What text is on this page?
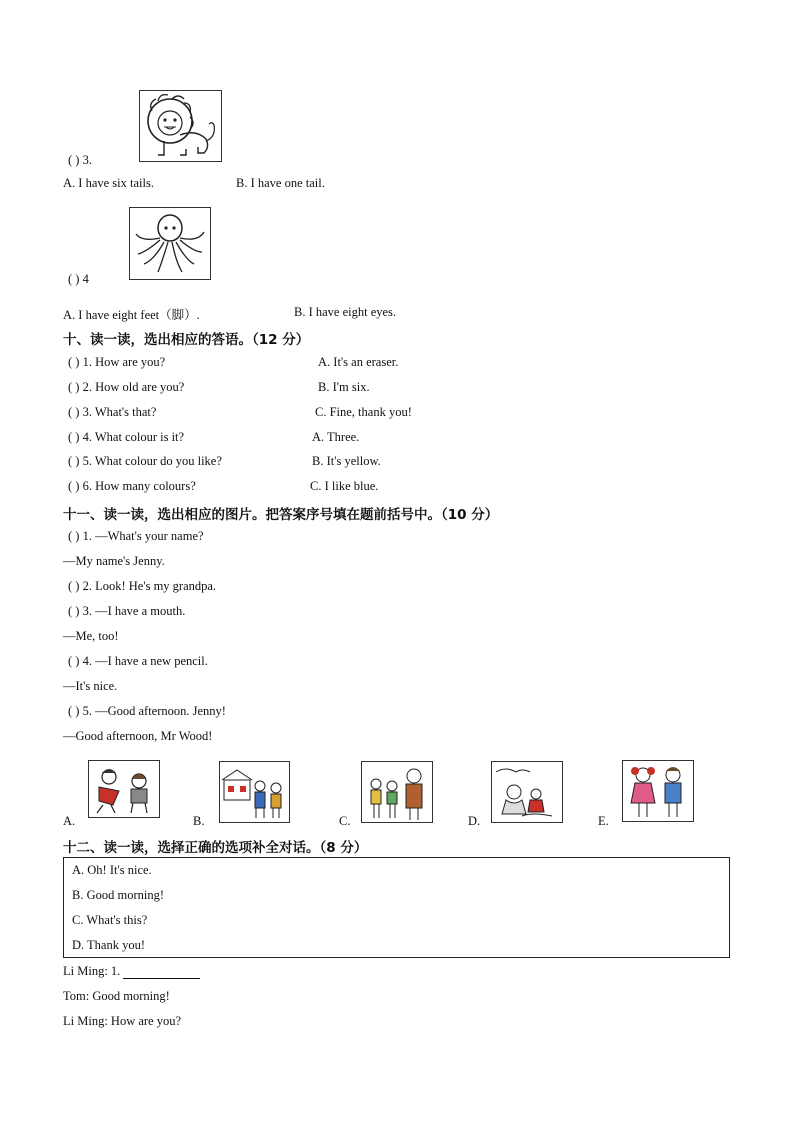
( ) 3.
A. I have six tails.	B. I have one tail.
( ) 4
A. I have eight feet（脚）.	B. I have eight eyes.
十、读一读，选出相应的答语。（12 分）
( ) 1. How are you?	A. It's an eraser.
( ) 2. How old are you?	B. I'm six.
( ) 3. What's that?	C. Fine, thank you!
( ) 4. What colour is it?	A. Three.
( ) 5. What colour do you like?	B. It's yellow.
( ) 6. How many colours?	C. I like blue.
十一、读一读，选出相应的图片。把答案序号填在题前括号中。（10 分）
( ) 1. —What's your name?
—My name's Jenny.
( ) 2. Look! He's my grandpa.
( ) 3. —I have a mouth.
—Me, too!
( ) 4. —I have a new pencil.
—It's nice.
( ) 5. —Good afternoon. Jenny!
—Good afternoon, Mr Wood!
A.	B.	C.	D.	E.
十二、读一读，选择正确的选项补全对话。（8 分）
A. Oh! It's nice.
B. Good morning!
C. What's this?
D. Thank you!
Li Ming: 1.
Tom: Good morning!
Li Ming: How are you?
